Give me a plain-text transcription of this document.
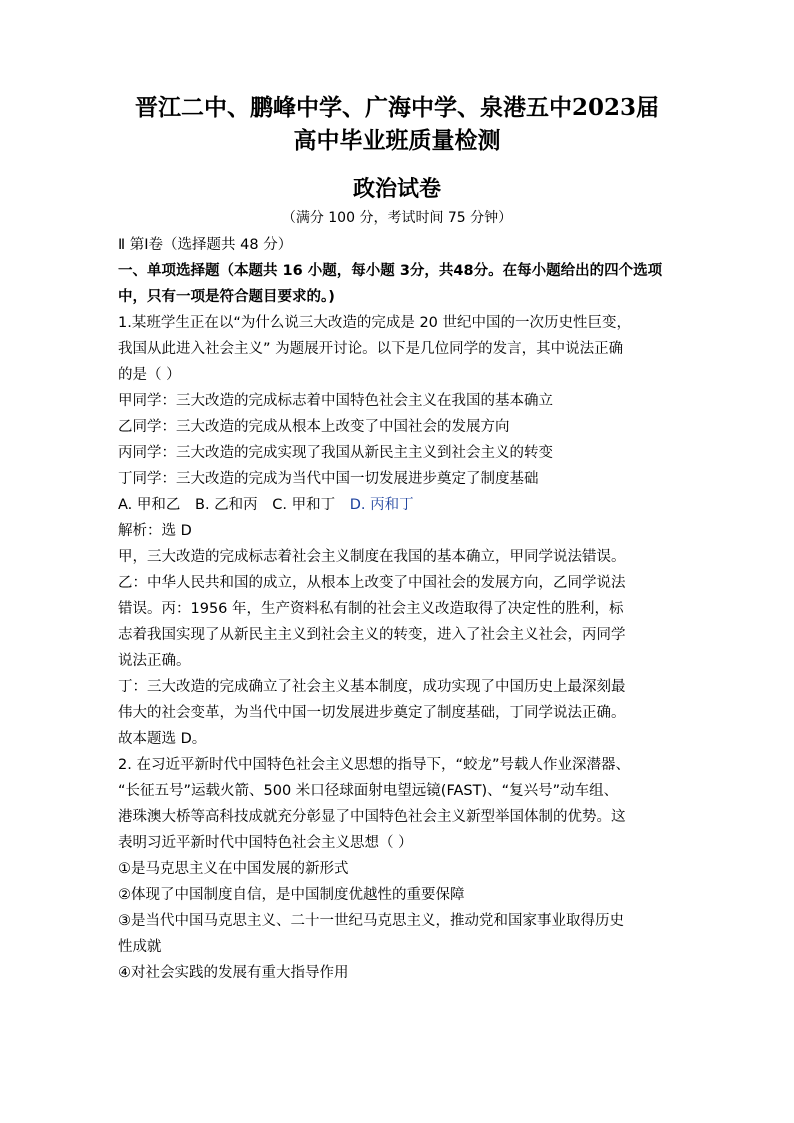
晋江二中、鹏峰中学、广海中学、泉港五中2023届
高中毕业班质量检测
政治试卷
（满分 100 分，考试时间 75 分钟）
Ⅱ 第Ⅰ卷（选择题共 48 分）
一、单项选择题（本题共 16 小题，每小题 3分，共48分。在每小题给出的四个选项
中，只有一项是符合题目要求的。)
1.某班学生正在以“为什么说三大改造的完成是 20 世纪中国的一次历史性巨变，
我国从此进入社会主义” 为题展开讨论。以下是几位同学的发言，其中说法正确
的是（ ）
甲同学：三大改造的完成标志着中国特色社会主义在我国的基本确立
乙同学：三大改造的完成从根本上改变了中国社会的发展方向
丙同学：三大改造的完成实现了我国从新民主主义到社会主义的转变
丁同学：三大改造的完成为当代中国一切发展进步奠定了制度基础
A. 甲和乙 B. 乙和丙 C. 甲和丁 D. 丙和丁
解析：选 D
甲，三大改造的完成标志着社会主义制度在我国的基本确立，甲同学说法错误。
乙：中华人民共和国的成立，从根本上改变了中国社会的发展方向，乙同学说法
错误。丙：1956 年，生产资料私有制的社会主义改造取得了决定性的胜利，标
志着我国实现了从新民主主义到社会主义的转变，进入了社会主义社会，丙同学
说法正确。
丁：三大改造的完成确立了社会主义基本制度，成功实现了中国历史上最深刻最
伟大的社会变革，为当代中国一切发展进步奠定了制度基础，丁同学说法正确。
故本题选 D。
2. 在习近平新时代中国特色社会主义思想的指导下，“蛟龙”号载人作业深潜器、
“长征五号”运载火箭、500 米口径球面射电望远镜(FAST)、“复兴号”动车组、
港珠澳大桥等高科技成就充分彰显了中国特色社会主义新型举国体制的优势。这
表明习近平新时代中国特色社会主义思想（ ）
①是马克思主义在中国发展的新形式
②体现了中国制度自信，是中国制度优越性的重要保障
③是当代中国马克思主义、二十一世纪马克思主义，推动党和国家事业取得历史
性成就
④对社会实践的发展有重大指导作用
